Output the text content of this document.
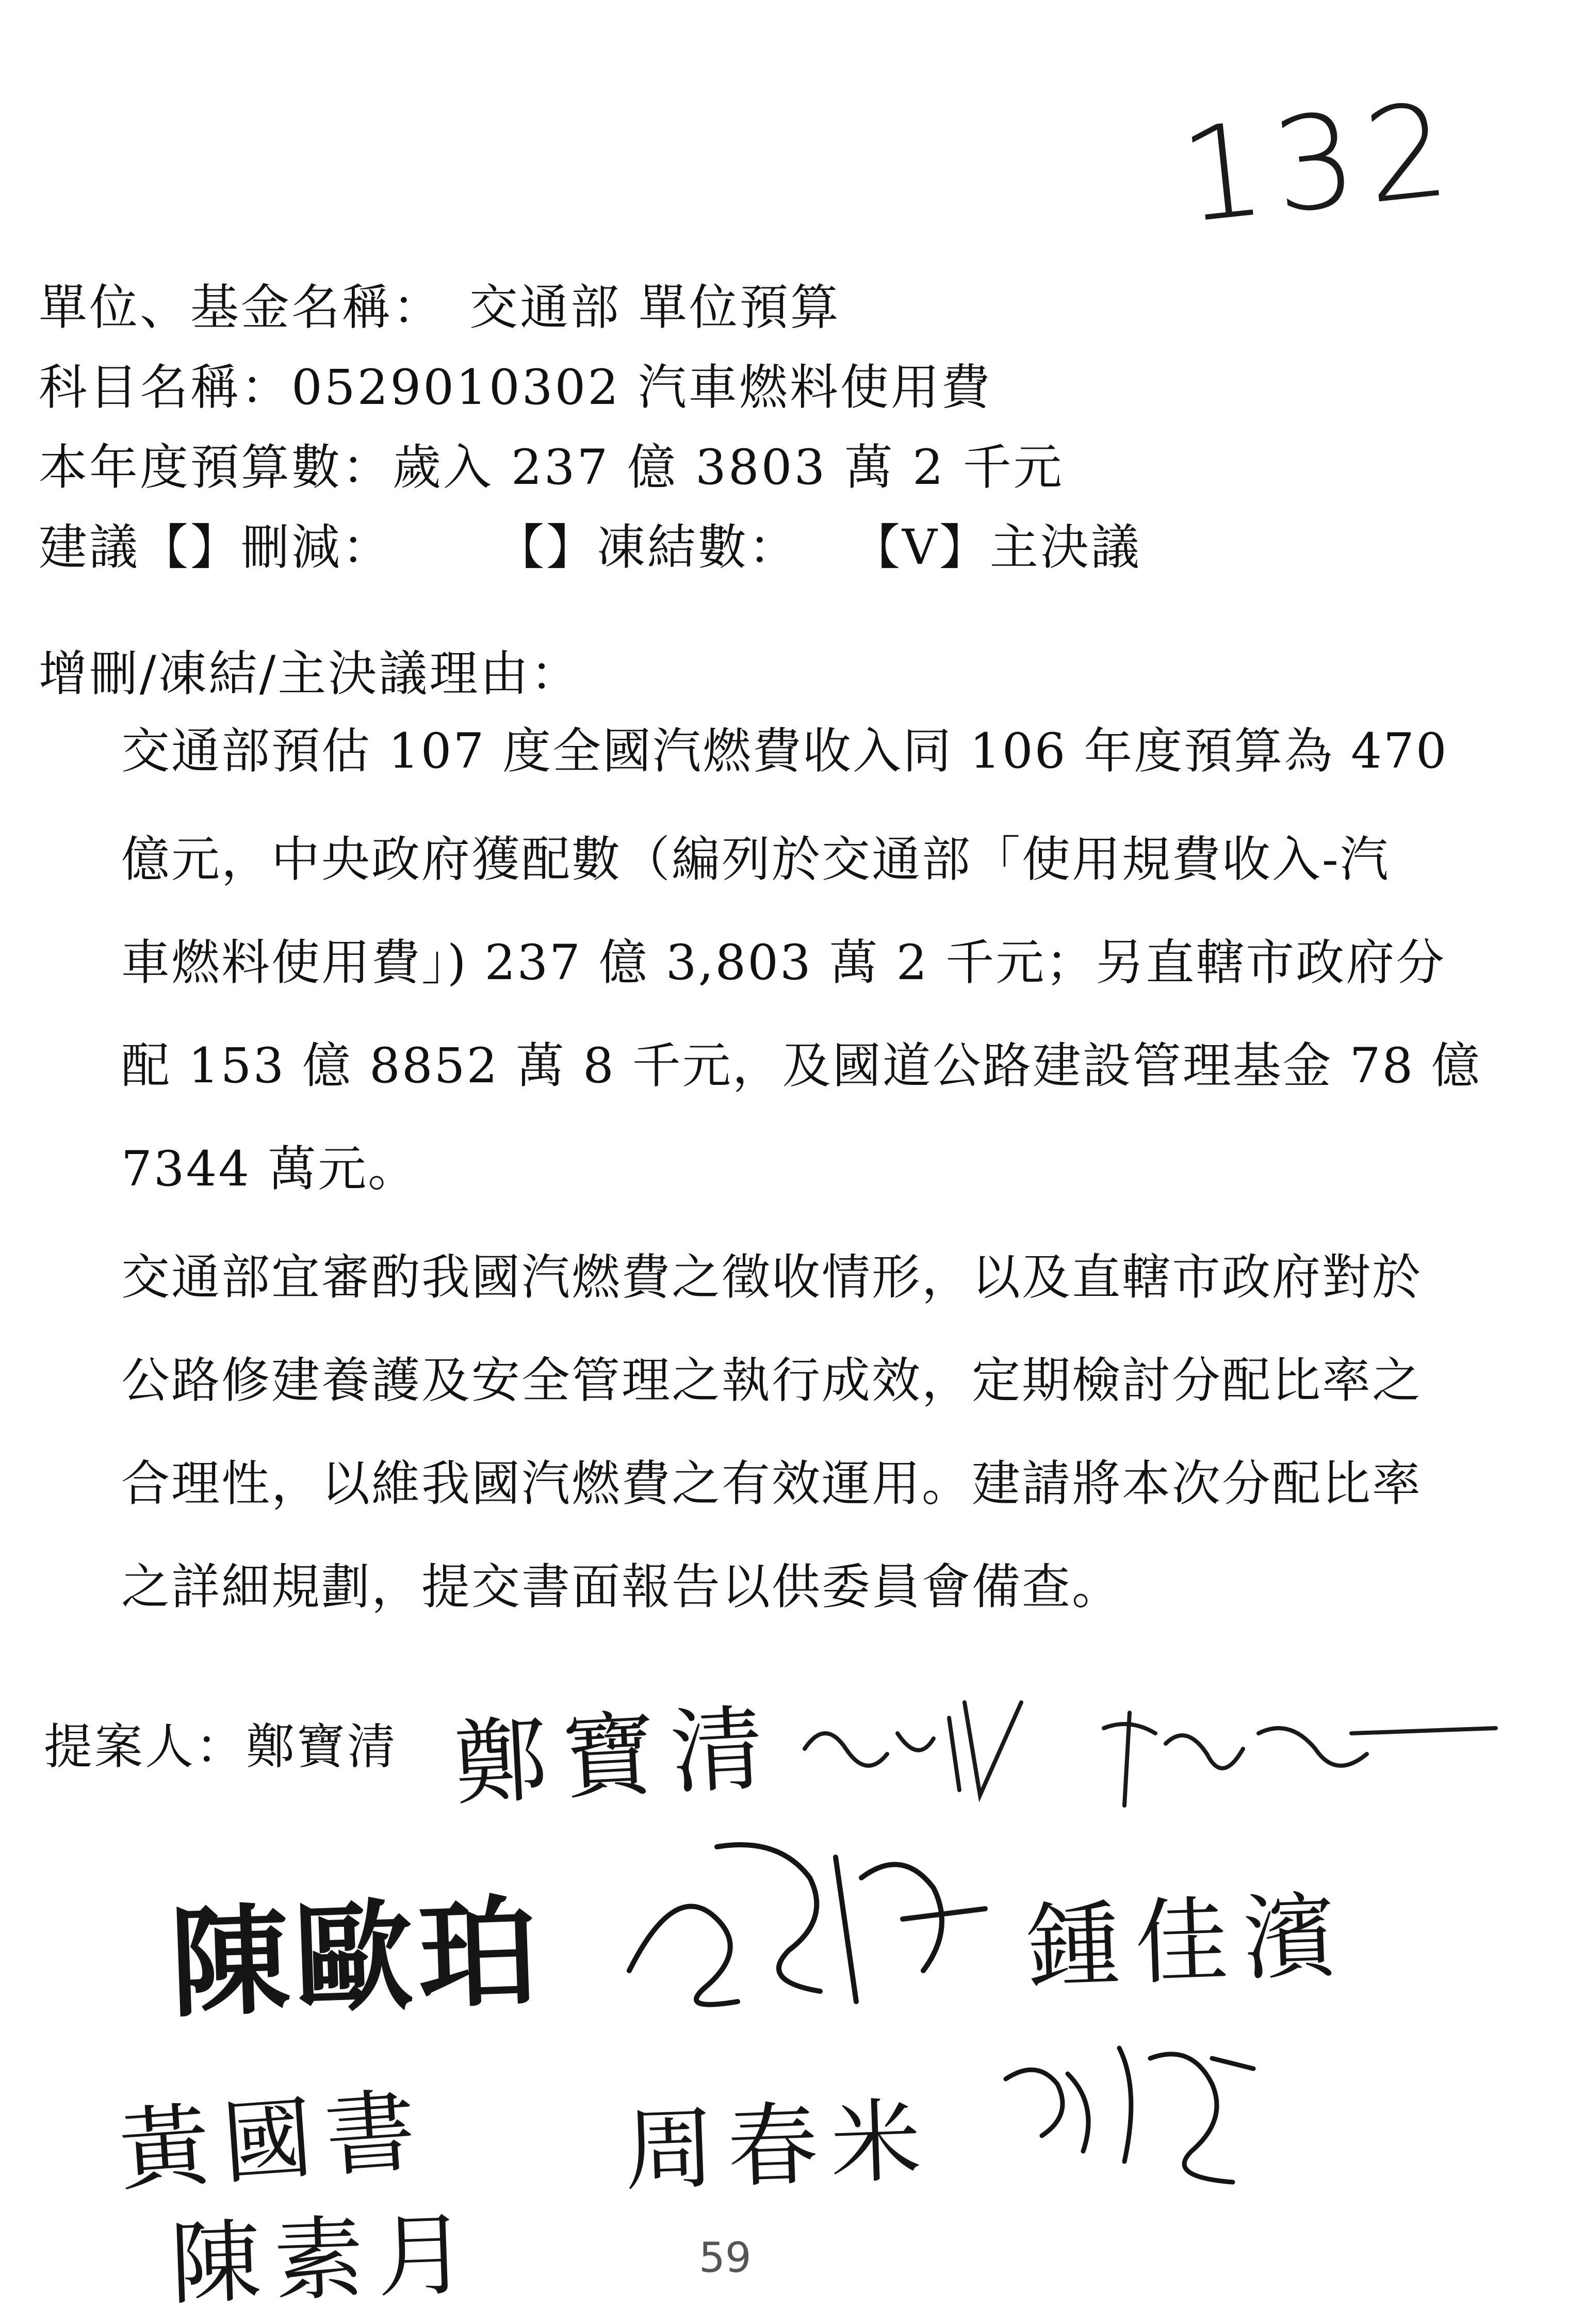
132
單位、基金名稱：　交通部 單位預算
科目名稱：0529010302 汽車燃料使用費
本年度預算數：歲入 237 億 3803 萬 2 千元
建議【】刪減：　　　【】凍結數：　　【V】主決議
增刪/凍結/主決議理由：
交通部預估 107 度全國汽燃費收入同 106 年度預算為 470
億元，中央政府獲配數（編列於交通部「使用規費收入-汽
車燃料使用費」) 237 億 3,803 萬 2 千元；另直轄市政府分
配 153 億 8852 萬 8 千元，及國道公路建設管理基金 78 億
7344 萬元。
交通部宜審酌我國汽燃費之徵收情形，以及直轄市政府對於
公路修建養護及安全管理之執行成效，定期檢討分配比率之
合理性，以維我國汽燃費之有效運用。建請將本次分配比率
之詳細規劃，提交書面報告以供委員會備查。
提案人：鄭寶清 鄭寶清
陳歐珀	鍾佳濱
黃國書 周春米
陳素月	59
